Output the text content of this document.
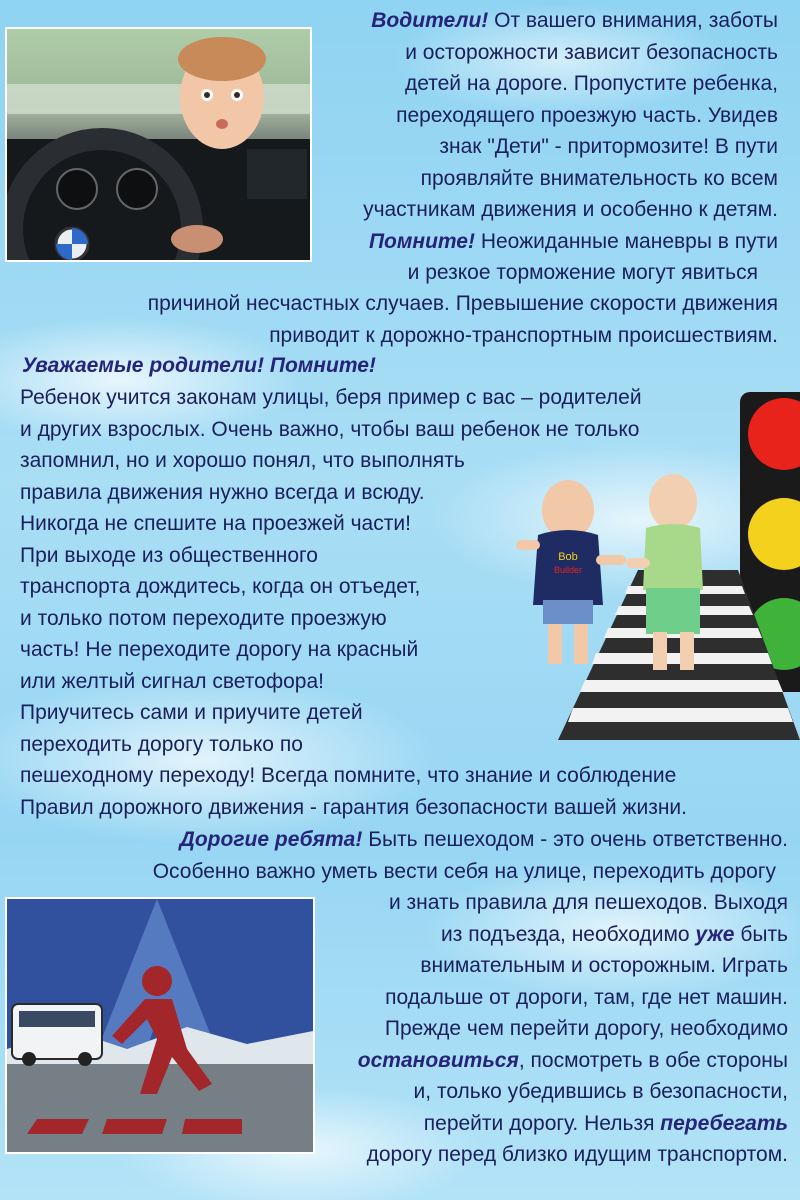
Водители! От вашего внимания, заботы
и осторожности зависит безопасность
детей на дороге. Пропустите ребенка,
переходящего проезжую часть. Увидев
знак "Дети" - притормозите! В пути
проявляйте внимательность ко всем
участникам движения и особенно к детям.
Помните! Неожиданные маневры в пути
и резкое торможение могут явиться
причиной несчастных случаев. Превышение скорости движения
приводит к дорожно-транспортным происшествиям.
Bob
Builder
Уважаемые родители! Помните!
Ребенок учится законам улицы, беря пример с вас – родителей
и других взрослых. Очень важно, чтобы ваш ребенок не только
запомнил, но и хорошо понял, что выполнять
правила движения нужно всегда и всюду.
Никогда не спешите на проезжей части!
При выходе из общественного
транспорта дождитесь, когда он отъедет,
и только потом переходите проезжую
часть! Не переходите дорогу на красный
или желтый сигнал светофора!
Приучитесь сами и приучите детей
переходить дорогу только по
пешеходному переходу! Всегда помните, что знание и соблюдение
Правил дорожного движения - гарантия безопасности вашей жизни.
Дорогие ребята! Быть пешеходом - это очень ответственно.
Особенно важно уметь вести себя на улице, переходить дорогу
и знать правила для пешеходов. Выходя
из подъезда, необходимо уже быть
внимательным и осторожным. Играть
подальше от дороги, там, где нет машин.
Прежде чем перейти дорогу, необходимо
остановиться, посмотреть в обе стороны
и, только убедившись в безопасности,
перейти дорогу. Нельзя перебегать
дорогу перед близко идущим транспортом.
